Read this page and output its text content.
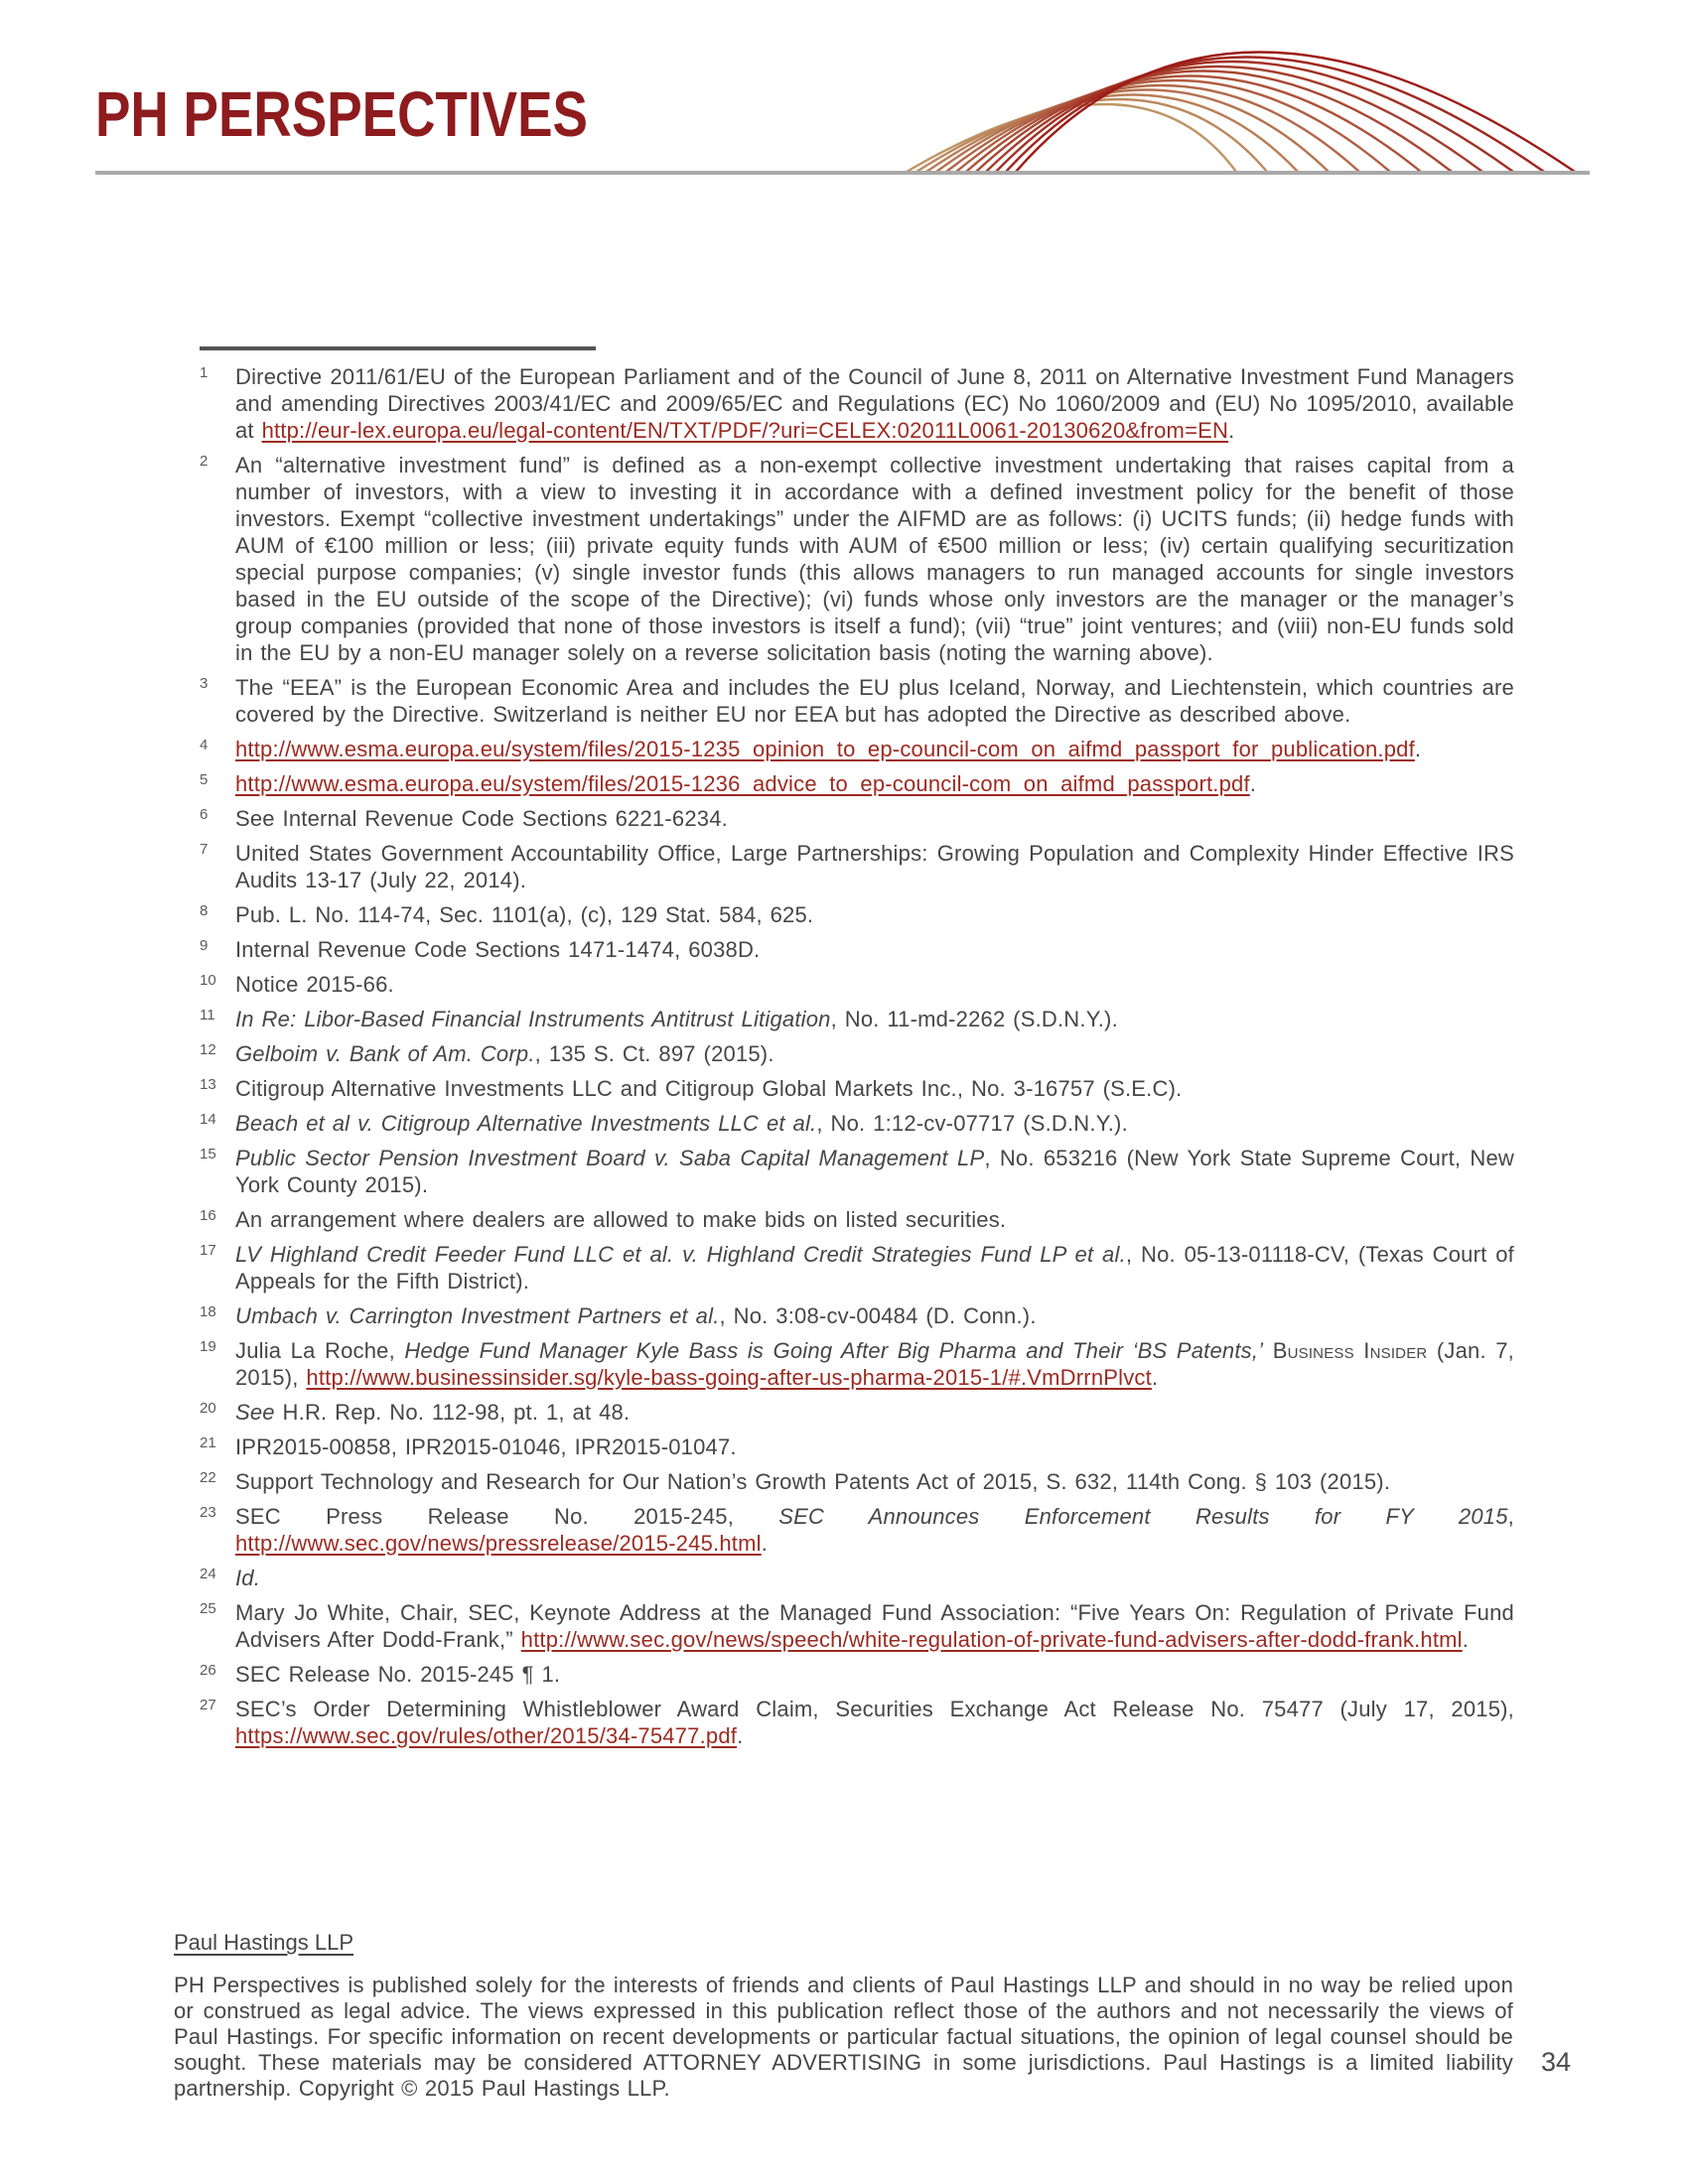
PH PERSPECTIVES
1 Directive 2011/61/EU of the European Parliament and of the Council of June 8, 2011 on Alternative Investment Fund Managers and amending Directives 2003/41/EC and 2009/65/EC and Regulations (EC) No 1060/2009 and (EU) No 1095/2010, available at http://eur-lex.europa.eu/legal-content/EN/TXT/PDF/?uri=CELEX:02011L0061-20130620&from=EN.
2 An “alternative investment fund” is defined as a non-exempt collective investment undertaking that raises capital from a number of investors, with a view to investing it in accordance with a defined investment policy for the benefit of those investors. Exempt “collective investment undertakings” under the AIFMD are as follows: (i) UCITS funds; (ii) hedge funds with AUM of €100 million or less; (iii) private equity funds with AUM of €500 million or less; (iv) certain qualifying securitization special purpose companies; (v) single investor funds (this allows managers to run managed accounts for single investors based in the EU outside of the scope of the Directive); (vi) funds whose only investors are the manager or the manager’s group companies (provided that none of those investors is itself a fund); (vii) “true” joint ventures; and (viii) non-EU funds sold in the EU by a non-EU manager solely on a reverse solicitation basis (noting the warning above).
3 The “EEA” is the European Economic Area and includes the EU plus Iceland, Norway, and Liechtenstein, which countries are covered by the Directive. Switzerland is neither EU nor EEA but has adopted the Directive as described above.
4 http://www.esma.europa.eu/system/files/2015-1235_opinion_to_ep-council-com_on_aifmd_passport_for_publication.pdf.
5 http://www.esma.europa.eu/system/files/2015-1236_advice_to_ep-council-com_on_aifmd_passport.pdf.
6 See Internal Revenue Code Sections 6221-6234.
7 United States Government Accountability Office, Large Partnerships: Growing Population and Complexity Hinder Effective IRS Audits 13-17 (July 22, 2014).
8 Pub. L. No. 114-74, Sec. 1101(a), (c), 129 Stat. 584, 625.
9 Internal Revenue Code Sections 1471-1474, 6038D.
10 Notice 2015-66.
11 In Re: Libor-Based Financial Instruments Antitrust Litigation, No. 11-md-2262 (S.D.N.Y.).
12 Gelboim v. Bank of Am. Corp., 135 S. Ct. 897 (2015).
13 Citigroup Alternative Investments LLC and Citigroup Global Markets Inc., No. 3-16757 (S.E.C).
14 Beach et al v. Citigroup Alternative Investments LLC et al., No. 1:12-cv-07717 (S.D.N.Y.).
15 Public Sector Pension Investment Board v. Saba Capital Management LP, No. 653216 (New York State Supreme Court, New York County 2015).
16 An arrangement where dealers are allowed to make bids on listed securities.
17 LV Highland Credit Feeder Fund LLC et al. v. Highland Credit Strategies Fund LP et al., No. 05-13-01118-CV, (Texas Court of Appeals for the Fifth District).
18 Umbach v. Carrington Investment Partners et al., No. 3:08-cv-00484 (D. Conn.).
19 Julia La Roche, Hedge Fund Manager Kyle Bass is Going After Big Pharma and Their ‘BS Patents,’ Business Insider (Jan. 7, 2015), http://www.businessinsider.sg/kyle-bass-going-after-us-pharma-2015-1/#.VmDrrnPlvct.
20 See H.R. Rep. No. 112-98, pt. 1, at 48.
21 IPR2015-00858, IPR2015-01046, IPR2015-01047.
22 Support Technology and Research for Our Nation’s Growth Patents Act of 2015, S. 632, 114th Cong. § 103 (2015).
23 SEC Press Release No. 2015-245, SEC Announces Enforcement Results for FY 2015, http://www.sec.gov/news/pressrelease/2015-245.html.
24 Id.
25 Mary Jo White, Chair, SEC, Keynote Address at the Managed Fund Association: “Five Years On: Regulation of Private Fund Advisers After Dodd-Frank,” http://www.sec.gov/news/speech/white-regulation-of-private-fund-advisers-after-dodd-frank.html.
26 SEC Release No. 2015-245 ¶ 1.
27 SEC’s Order Determining Whistleblower Award Claim, Securities Exchange Act Release No. 75477 (July 17, 2015), https://www.sec.gov/rules/other/2015/34-75477.pdf.
Paul Hastings LLP
PH Perspectives is published solely for the interests of friends and clients of Paul Hastings LLP and should in no way be relied upon or construed as legal advice. The views expressed in this publication reflect those of the authors and not necessarily the views of Paul Hastings. For specific information on recent developments or particular factual situations, the opinion of legal counsel should be sought. These materials may be considered ATTORNEY ADVERTISING in some jurisdictions. Paul Hastings is a limited liability partnership. Copyright © 2015 Paul Hastings LLP.
34
